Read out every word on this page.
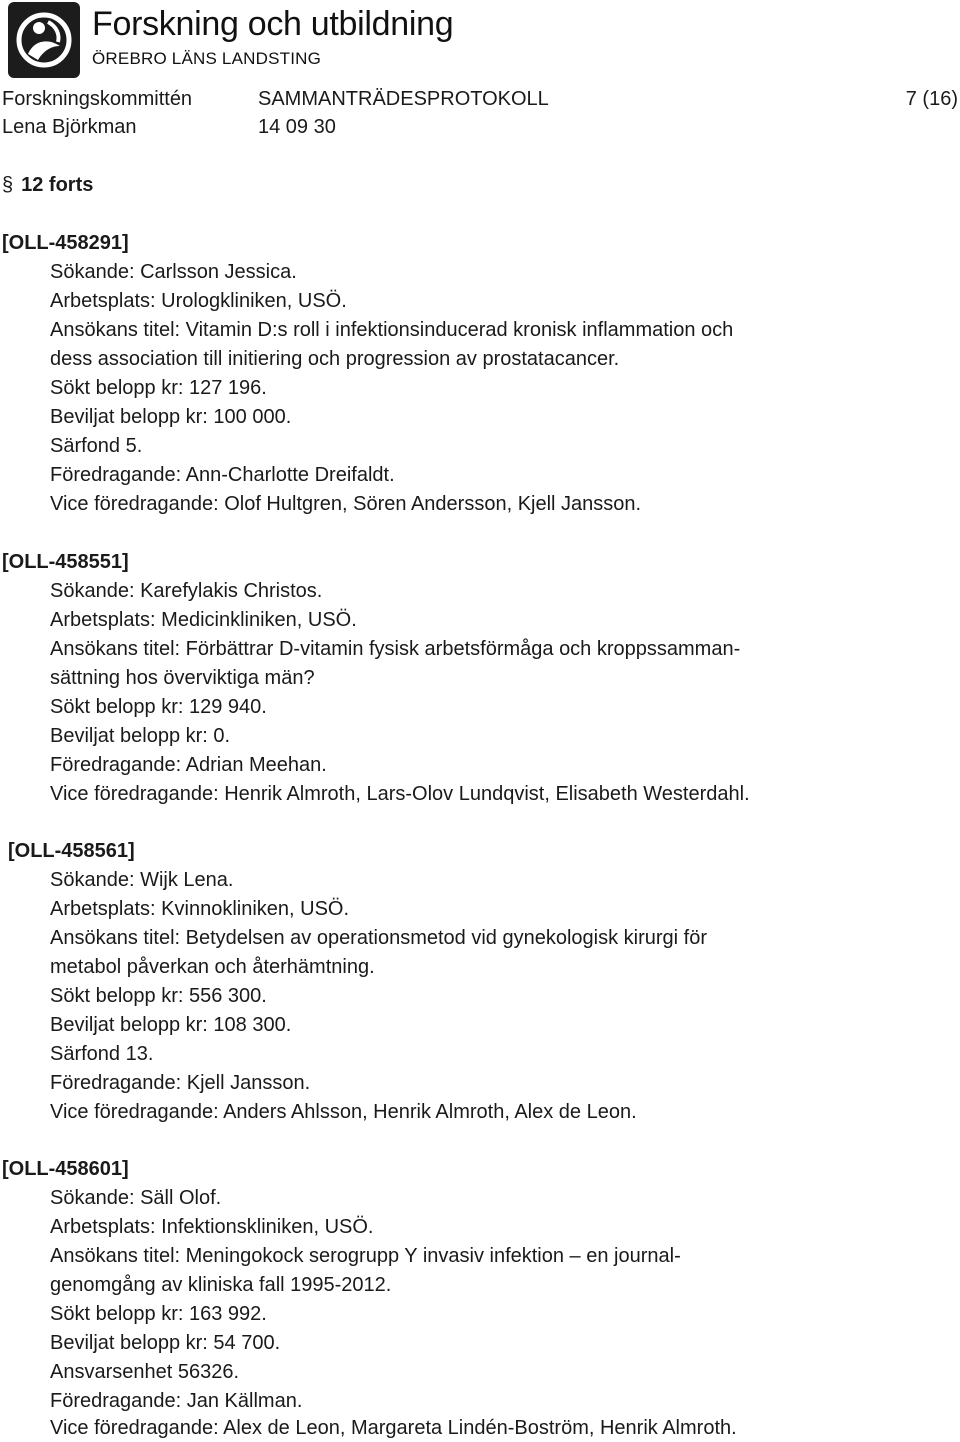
Forskning och utbildning
ÖREBRO LÄNS LANDSTING
Forskningskommittén	SAMMANTRÄDESPROTOKOLL	7 (16)
Lena Björkman	14 09 30
§ 12 forts
[OLL-458291]
Sökande: Carlsson Jessica.
Arbetsplats: Urologkliniken, USÖ.
Ansökans titel: Vitamin D:s roll i infektionsinducerad kronisk inflammation och
dess association till initiering och progression av prostatacancer.
Sökt belopp kr: 127 196.
Beviljat belopp kr: 100 000.
Särfond 5.
Föredragande: Ann-Charlotte Dreifaldt.
Vice föredragande: Olof Hultgren, Sören Andersson, Kjell Jansson.
[OLL-458551]
Sökande: Karefylakis Christos.
Arbetsplats: Medicinkliniken, USÖ.
Ansökans titel: Förbättrar D-vitamin fysisk arbetsförmåga och kroppssamman-
sättning hos överviktiga män?
Sökt belopp kr: 129 940.
Beviljat belopp kr: 0.
Föredragande: Adrian Meehan.
Vice föredragande: Henrik Almroth, Lars-Olov Lundqvist, Elisabeth Westerdahl.
[OLL-458561]
Sökande: Wijk Lena.
Arbetsplats: Kvinnokliniken, USÖ.
Ansökans titel: Betydelsen av operationsmetod vid gynekologisk kirurgi för
metabol påverkan och återhämtning.
Sökt belopp kr: 556 300.
Beviljat belopp kr: 108 300.
Särfond 13.
Föredragande: Kjell Jansson.
Vice föredragande: Anders Ahlsson, Henrik Almroth, Alex de Leon.
[OLL-458601]
Sökande: Säll Olof.
Arbetsplats: Infektionskliniken, USÖ.
Ansökans titel: Meningokock serogrupp Y invasiv infektion – en journal-
genomgång av kliniska fall 1995-2012.
Sökt belopp kr: 163 992.
Beviljat belopp kr: 54 700.
Ansvarsenhet 56326.
Föredragande: Jan Källman.
Vice föredragande: Alex de Leon, Margareta Lindén-Boström, Henrik Almroth.
